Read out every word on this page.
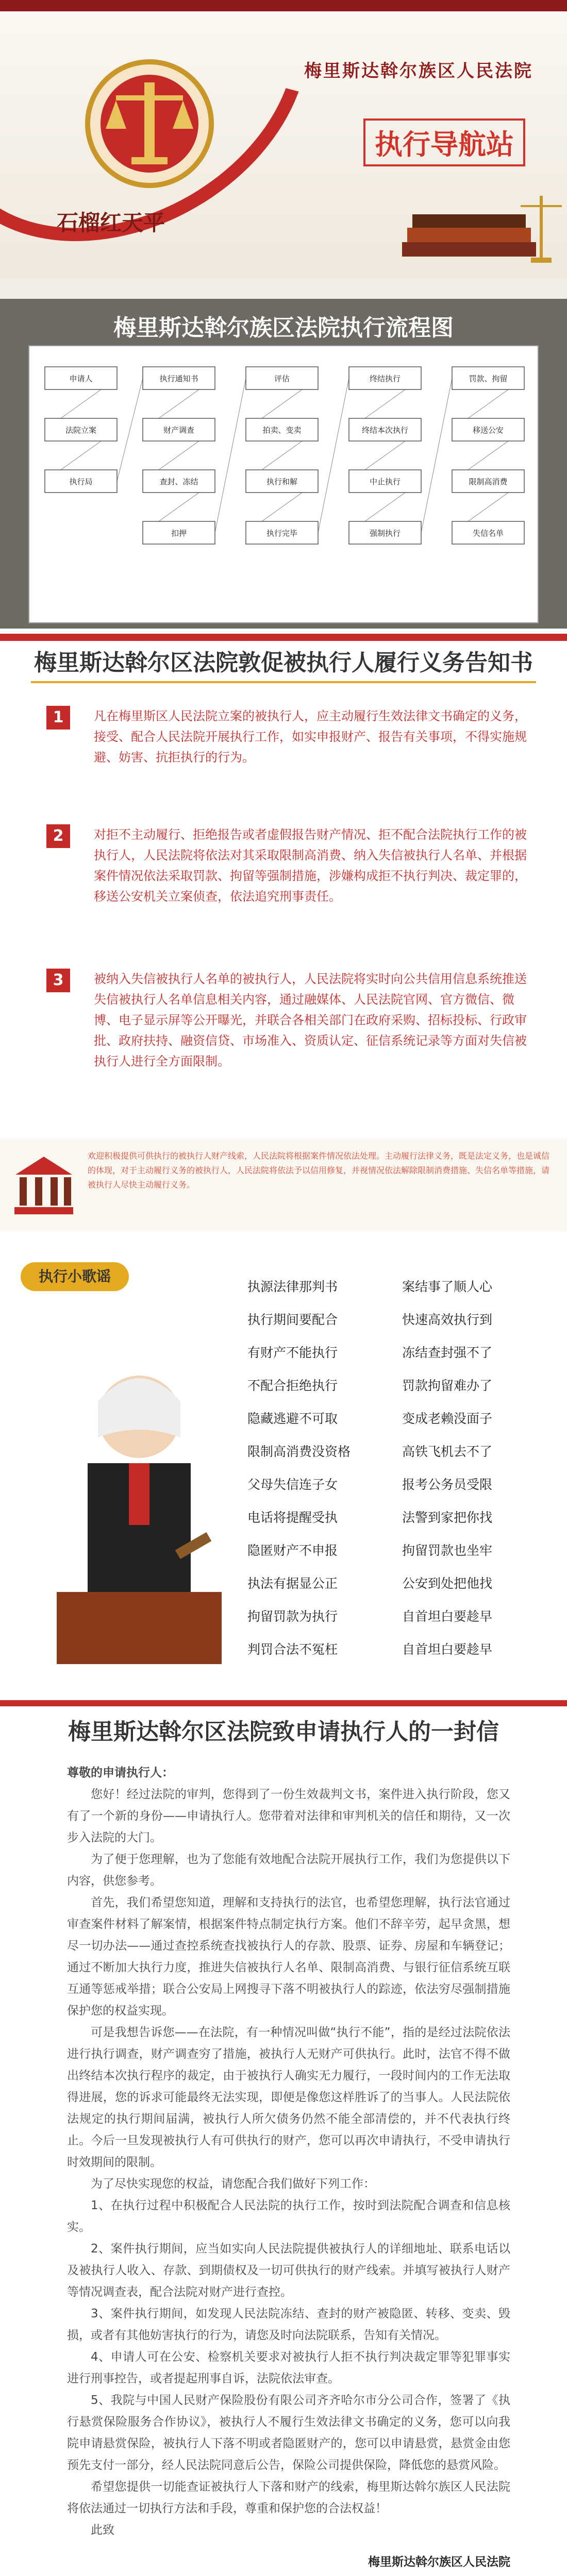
梅里斯达斡尔族区人民法院
执行导航站
石榴红天平
梅里斯达斡尔族区法院执行流程图
申请人
法院立案
执行局
执行通知书
财产调查
查封、冻结
扣押
评估
拍卖、变卖
执行和解
执行完毕
终结执行
终结本次执行
中止执行
强制执行
罚款、拘留
移送公安
限制高消费
失信名单
梅里斯达斡尔区法院敦促被执行人履行义务告知书
1	凡在梅里斯区人民法院立案的被执行人，应主动履行生效法律文书确定的义务，接受、配合人民法院开展执行工作，如实申报财产、报告有关事项，不得实施规避、妨害、抗拒执行的行为。
2	对拒不主动履行、拒绝报告或者虚假报告财产情况、拒不配合法院执行工作的被执行人，人民法院将依法对其采取限制高消费、纳入失信被执行人名单、并根据案件情况依法采取罚款、拘留等强制措施，涉嫌构成拒不执行判决、裁定罪的，移送公安机关立案侦查，依法追究刑事责任。
3	被纳入失信被执行人名单的被执行人，人民法院将实时向公共信用信息系统推送失信被执行人名单信息相关内容，通过融媒体、人民法院官网、官方微信、微博、电子显示屏等公开曝光，并联合各相关部门在政府采购、招标投标、行政审批、政府扶持、融资信贷、市场准入、资质认定、征信系统记录等方面对失信被执行人进行全方面限制。
欢迎积极提供可供执行的被执行人财产线索，人民法院将根据案件情况依法处理。主动履行法律义务，既是法定义务，也是诚信的体现，对于主动履行义务的被执行人，人民法院将依法予以信用修复，并视情况依法解除限制消费措施、失信名单等措施，请被执行人尽快主动履行义务。
执行小歌谣
执源法律那判书	案结事了顺人心
执行期间要配合	快速高效执行到
有财产不能执行	冻结查封强不了
不配合拒绝执行	罚款拘留难办了
隐藏逃避不可取	变成老赖没面子
限制高消费没资格	高铁飞机去不了
父母失信连子女	报考公务员受限
电话将提醒受执	法警到家把你找
隐匿财产不申报	拘留罚款也坐牢
执法有据显公正	公安到处把他找
拘留罚款为执行	自首坦白要趁早
判罚合法不冤枉	自首坦白要趁早
梅里斯达斡尔区法院致申请执行人的一封信

尊敬的申请执行人：

您好！经过法院的审判，您得到了一份生效裁判文书，案件进入执行阶段，您又有了一个新的身份——申请执行人。您带着对法律和审判机关的信任和期待，又一次步入法院的大门。

为了便于您理解，也为了您能有效地配合法院开展执行工作，我们为您提供以下内容，供您参考。

首先，我们希望您知道，理解和支持执行的法官，也希望您理解，执行法官通过审查案件材料了解案情，根据案件特点制定执行方案。他们不辞辛劳，起早贪黑，想尽一切办法——通过查控系统查找被执行人的存款、股票、证券、房屋和车辆登记；通过不断加大执行力度，推进失信被执行人名单、限制高消费、与银行征信系统互联互通等惩戒举措；联合公安局上网搜寻下落不明被执行人的踪迹，依法穷尽强制措施保护您的权益实现。

可是我想告诉您——在法院，有一种情况叫做“执行不能”，指的是经过法院依法进行执行调查，财产调查穷了措施，被执行人无财产可供执行。此时，法官不得不做出终结本次执行程序的裁定，由于被执行人确实无力履行，一段时间内的工作无法取得进展，您的诉求可能最终无法实现，即便是像您这样胜诉了的当事人。人民法院依法规定的执行期间届满，被执行人所欠债务仍然不能全部清偿的，并不代表执行终止。今后一旦发现被执行人有可供执行的财产，您可以再次申请执行，不受申请执行时效期间的限制。

为了尽快实现您的权益，请您配合我们做好下列工作：

1、在执行过程中积极配合人民法院的执行工作，按时到法院配合调查和信息核实。

2、案件执行期间，应当如实向人民法院提供被执行人的详细地址、联系电话以及被执行人收入、存款、到期债权及一切可供执行的财产线索。并填写被执行人财产等情况调查表，配合法院对财产进行查控。

3、案件执行期间，如发现人民法院冻结、查封的财产被隐匿、转移、变卖、毁损，或者有其他妨害执行的行为，请您及时向法院联系，告知有关情况。

4、申请人可在公安、检察机关要求对被执行人拒不执行判决裁定罪等犯罪事实进行刑事控告，或者提起刑事自诉，法院依法审查。

5、我院与中国人民财产保险股份有限公司齐齐哈尔市分公司合作，签署了《执行悬赏保险服务合作协议》，被执行人不履行生效法律文书确定的义务，您可以向我院申请悬赏保险，被执行人下落不明或者隐匿财产的，您可以申请悬赏，悬赏金由您预先支付一部分，经人民法院同意后公告，保险公司提供保险，降低您的悬赏风险。

希望您提供一切能查证被执行人下落和财产的线索，梅里斯达斡尔族区人民法院将依法通过一切执行方法和手段，尊重和保护您的合法权益！

此致

梅里斯达斡尔族区人民法院
